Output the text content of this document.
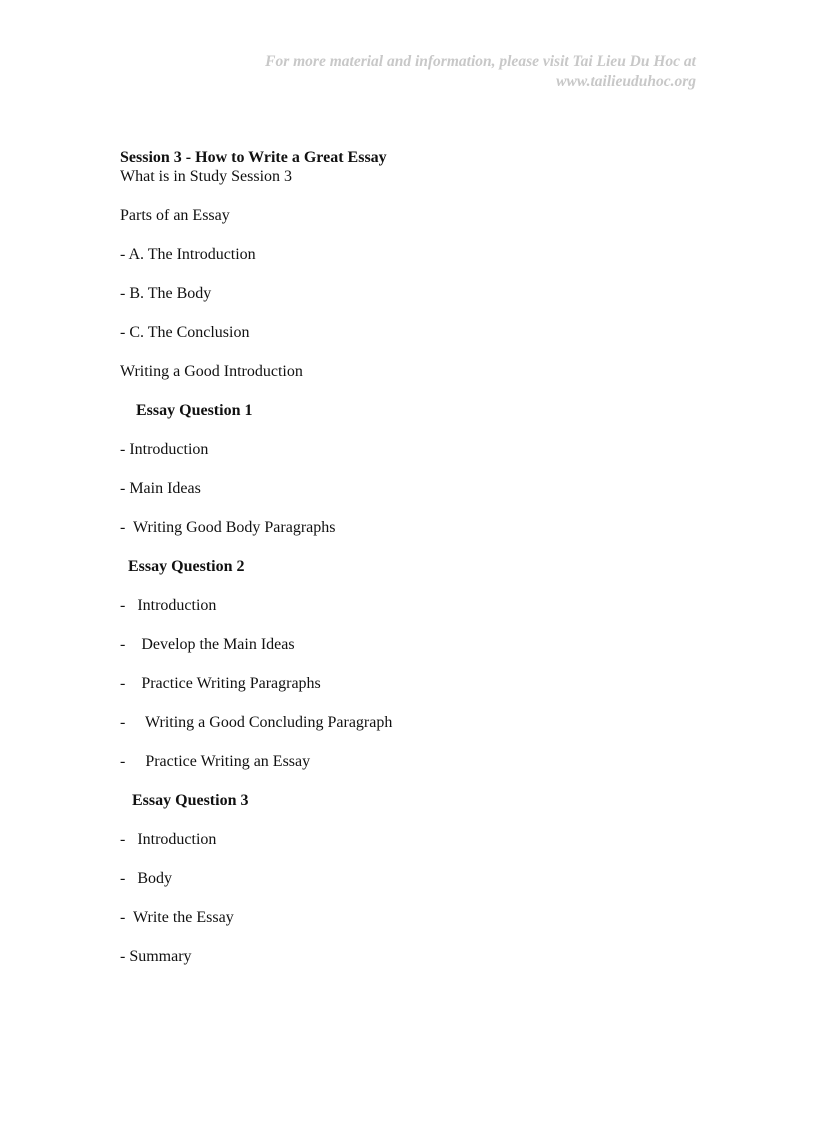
For more material and information, please visit Tai Lieu Du Hoc at
www.tailieuduhoc.org
Session 3 - How to Write a Great Essay
What is in Study Session 3
Parts of an Essay
- A. The Introduction
- B. The Body
- C. The Conclusion
Writing a Good Introduction
Essay Question 1
- Introduction
- Main Ideas
-  Writing Good Body Paragraphs
Essay Question 2
-   Introduction
-    Develop the Main Ideas
-    Practice Writing Paragraphs
-     Writing a Good Concluding Paragraph
-     Practice Writing an Essay
Essay Question 3
-   Introduction
-   Body
-  Write the Essay
- Summary
